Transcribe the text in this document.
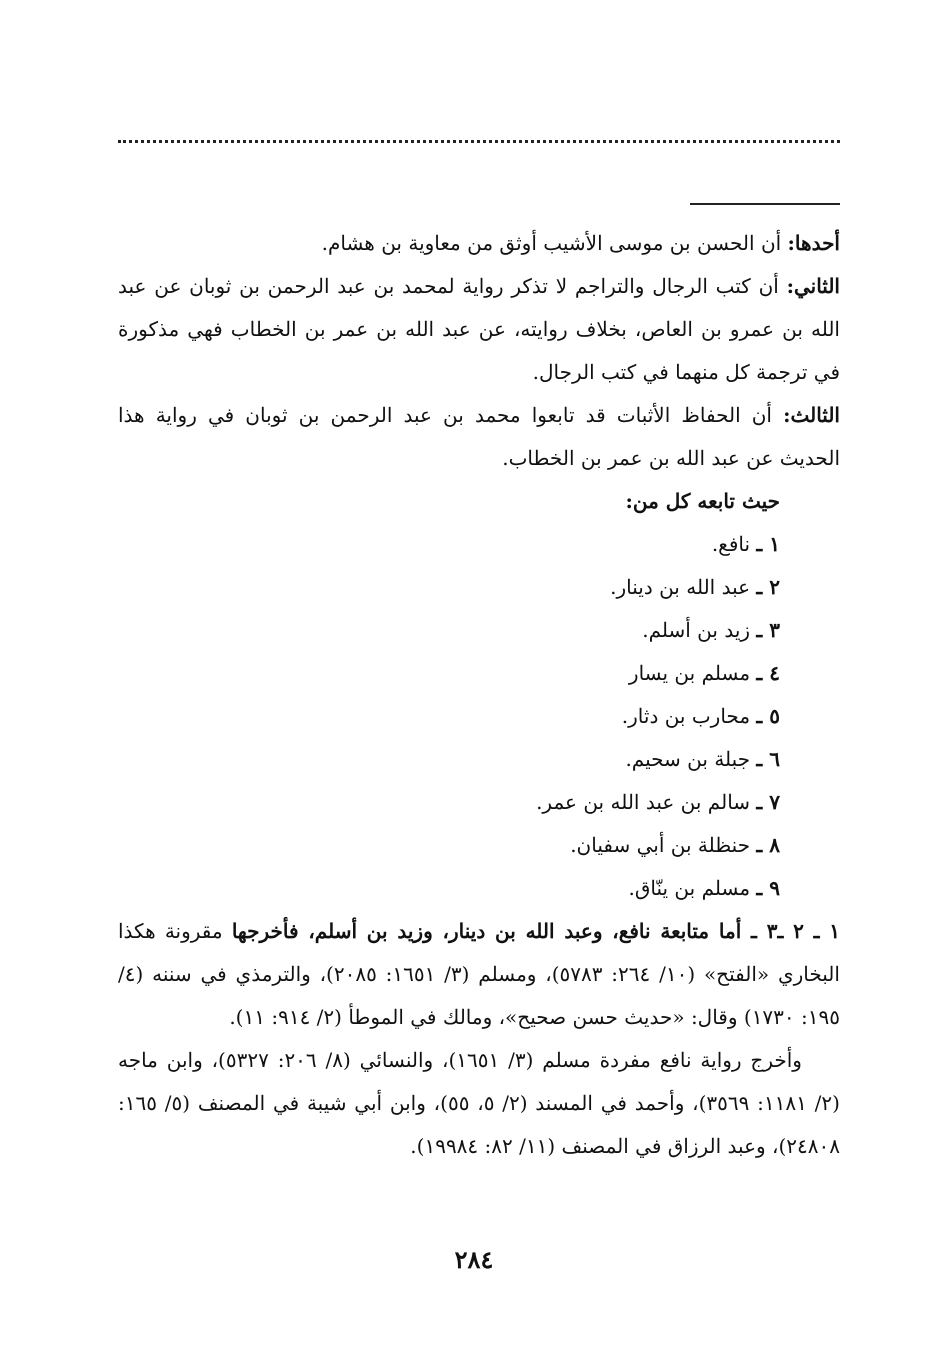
أحدها: أن الحسن بن موسى الأشيب أوثق من معاوية بن هشام.

الثاني: أن كتب الرجال والتراجم لا تذكر رواية لمحمد بن عبد الرحمن بن ثوبان عن عبد الله بن عمرو بن العاص، بخلاف روايته، عن عبد الله بن عمر بن الخطاب فهي مذكورة في ترجمة كل منهما في كتب الرجال.

الثالث: أن الحفاظ الأثبات قد تابعوا محمد بن عبد الرحمن بن ثوبان في رواية هذا الحديث عن عبد الله بن عمر بن الخطاب.

حيث تابعه كل من:
١ ـ نافع.
٢ ـ عبد الله بن دينار.
٣ ـ زيد بن أسلم.
٤ ـ مسلم بن يسار
٥ ـ محارب بن دثار.
٦ ـ جبلة بن سحيم.
٧ ـ سالم بن عبد الله بن عمر.
٨ ـ حنظلة بن أبي سفيان.
٩ ـ مسلم بن ينّاق.

١ ـ ٢ ـ٣ ـ أما متابعة نافع، وعبد الله بن دينار، وزيد بن أسلم، فأخرجها مقرونة هكذا البخاري «الفتح» (١٠/ ٢٦٤: ٥٧٨٣)، ومسلم (٣/ ١٦٥١: ٢٠٨٥)، والترمذي في سننه (٤/ ١٩٥: ١٧٣٠) وقال: «حديث حسن صحيح»، ومالك في الموطأ (٢/ ٩١٤: ١١).

وأخرج رواية نافع مفردة مسلم (٣/ ١٦٥١)، والنسائي (٨/ ٢٠٦: ٥٣٢٧)، وابن ماجه (٢/ ١١٨١: ٣٥٦٩)، وأحمد في المسند (٢/ ٥، ٥٥)، وابن أبي شيبة في المصنف (٥/ ١٦٥: ٢٤٨٠٨)، وعبد الرزاق في المصنف (١١/ ٨٢: ١٩٩٨٤).

٢٨٤
